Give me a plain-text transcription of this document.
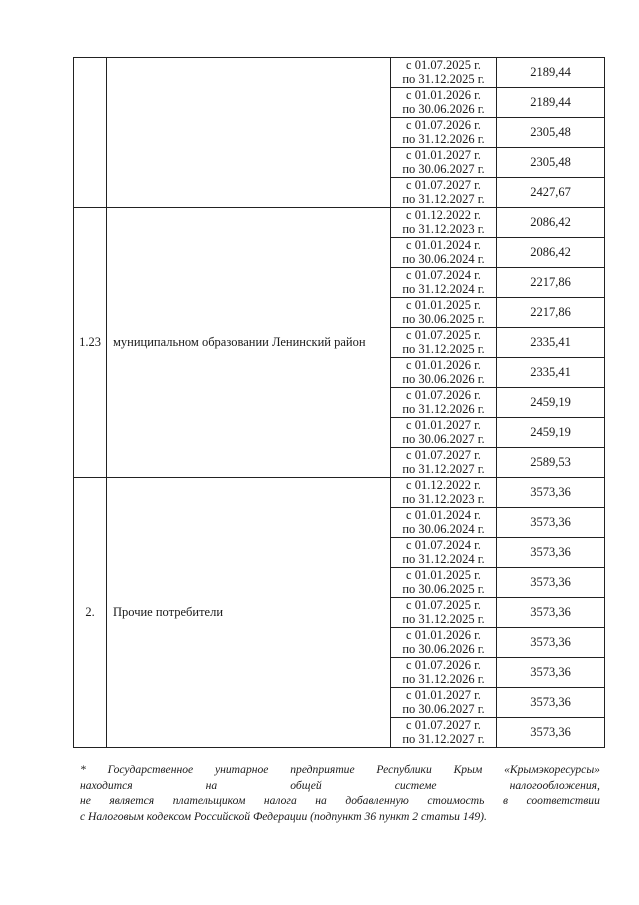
		с 01.07.2025 г.
по 31.12.2025 г.	2189,44

		с 01.01.2026 г.
по 30.06.2026 г.	2189,44

		с 01.07.2026 г.
по 31.12.2026 г.	2305,48

		с 01.01.2027 г.
по 30.06.2027 г.	2305,48

		с 01.07.2027 г.
по 31.12.2027 г.	2427,67
1.23	муниципальном образовании Ленинский район	с 01.12.2022 г.
по 31.12.2023 г.	2086,42

		с 01.01.2024 г.
по 30.06.2024 г.	2086,42

		с 01.07.2024 г.
по 31.12.2024 г.	2217,86

		с 01.01.2025 г.
по 30.06.2025 г.	2217,86

		с 01.07.2025 г.
по 31.12.2025 г.	2335,41

		с 01.01.2026 г.
по 30.06.2026 г.	2335,41

		с 01.07.2026 г.
по 31.12.2026 г.	2459,19

		с 01.01.2027 г.
по 30.06.2027 г.	2459,19

		с 01.07.2027 г.
по 31.12.2027 г.	2589,53
2.	Прочие потребители	с 01.12.2022 г.
по 31.12.2023 г.	3573,36

		с 01.01.2024 г.
по 30.06.2024 г.	3573,36

		с 01.07.2024 г.
по 31.12.2024 г.	3573,36

		с 01.01.2025 г.
по 30.06.2025 г.	3573,36

		с 01.07.2025 г.
по 31.12.2025 г.	3573,36

		с 01.01.2026 г.
по 30.06.2026 г.	3573,36

		с 01.07.2026 г.
по 31.12.2026 г.	3573,36

		с 01.01.2027 г.
по 30.06.2027 г.	3573,36

		с 01.07.2027 г.
по 31.12.2027 г.	3573,36
* Государственное унитарное предприятие Республики Крым «Крымэкоресурсы»
находится	на	общей	системе	налогообложения,
не является плательщиком налога на добавленную стоимость в соответствии
с Налоговым кодексом Российской Федерации (подпункт 36 пункт 2 статьи 149).
